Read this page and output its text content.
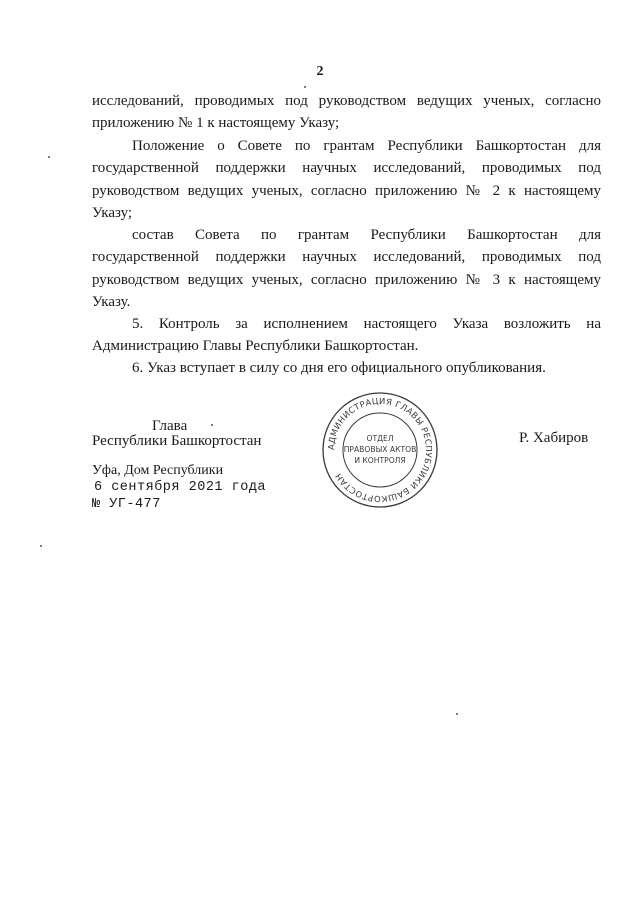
2
исследований, проводимых под руководством ведущих ученых, согласно приложению № 1 к настоящему Указу;
Положение о Совете по грантам Республики Башкортостан для государственной поддержки научных исследований, проводимых под руководством ведущих ученых, согласно приложению № 2 к настоящему Указу;
состав Совета по грантам Республики Башкортостан для государственной поддержки научных исследований, проводимых под руководством ведущих ученых, согласно приложению № 3 к настоящему Указу.
5. Контроль за исполнением настоящего Указа возложить на Администрацию Главы Республики Башкортостан.
6. Указ вступает в силу со дня его официального опубликования.
Глава
Республики Башкортостан	АДМИНИСТРАЦИЯ ГЛАВЫ РЕСПУБЛИКИ БАШКОРТОСТАН
ОТДЕЛ
ПРАВОВЫХ АКТОВ
И КОНТРОЛЯ
Р. Хабиров
Уфа, Дом Республики
6 сентября 2021 года
№ УГ-477
